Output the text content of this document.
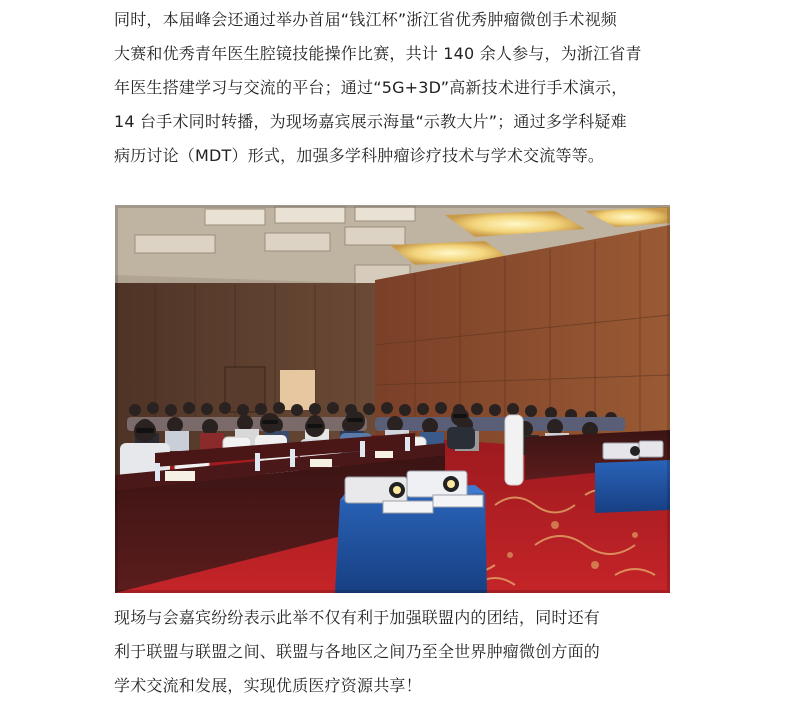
同时，本届峰会还通过举办首届“钱江杯”浙江省优秀肿瘤微创手术视频
大赛和优秀青年医生腔镜技能操作比赛，共计 140 余人参与，为浙江省青
年医生搭建学习与交流的平台；通过“5G+3D”高新技术进行手术演示，
14 台手术同时转播，为现场嘉宾展示海量“示教大片”；通过多学科疑难
病历讨论（MDT）形式，加强多学科肿瘤诊疗技术与学术交流等等。
现场与会嘉宾纷纷表示此举不仅有利于加强联盟内的团结，同时还有
利于联盟与联盟之间、联盟与各地区之间乃至全世界肿瘤微创方面的
学术交流和发展，实现优质医疗资源共享！
